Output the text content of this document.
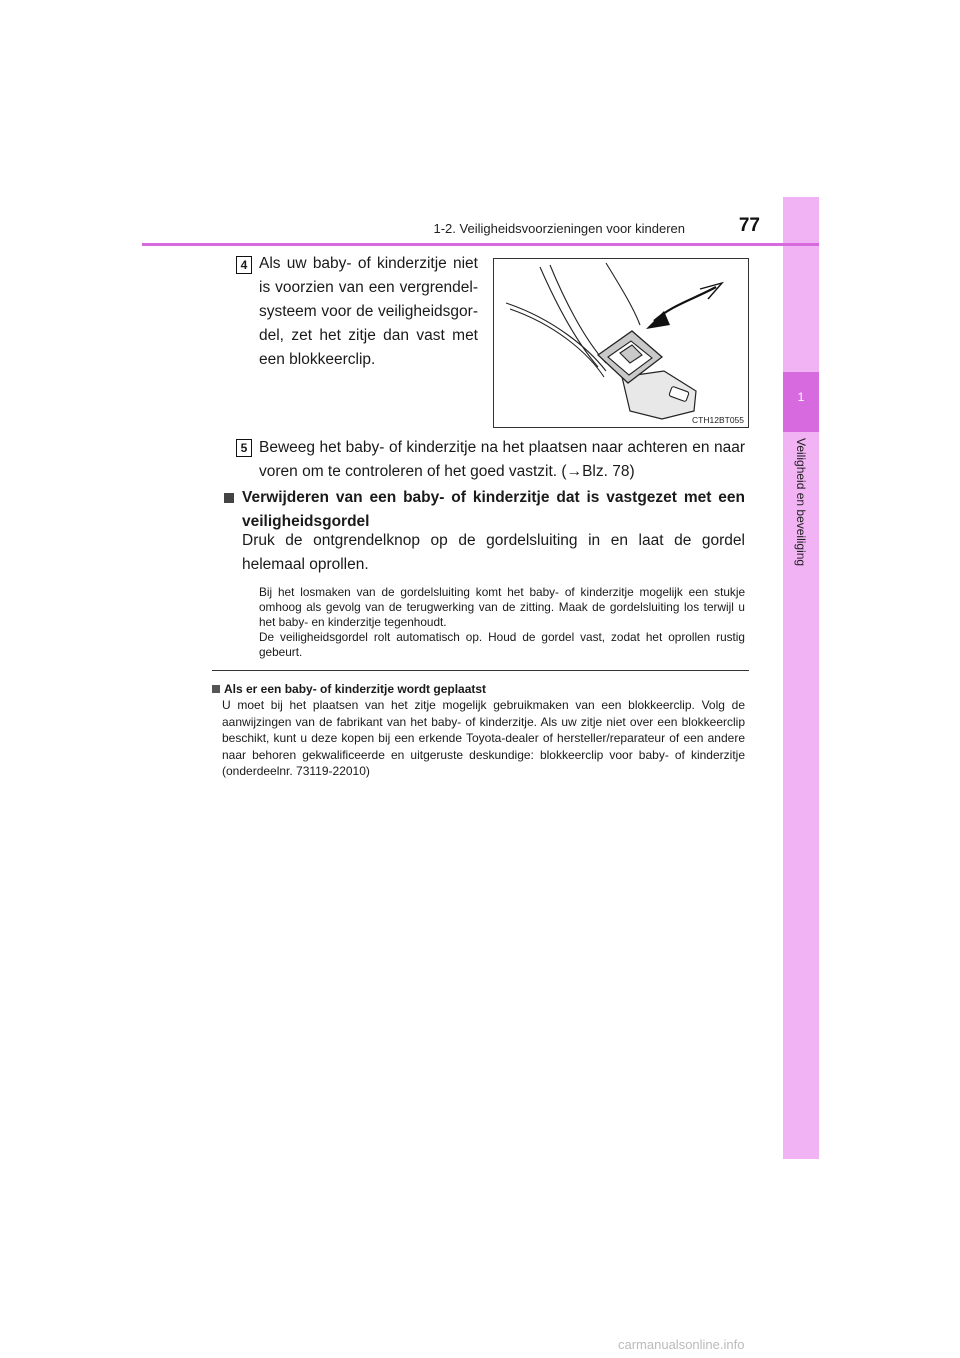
1
Veiligheid en beveiliging
1-2. Veiligheidsvoorzieningen voor kinderen	77
4 Als uw baby- of kinderzitje niet is voorzien van een vergrendelsysteem voor de veiligheidsgordel, zet het zitje dan vast met een blokkeerclip.
CTH12BT055
5 Beweeg het baby- of kinderzitje na het plaatsen naar achteren en naar voren om te controleren of het goed vastzit. (→Blz. 78)
Verwijderen van een baby- of kinderzitje dat is vastgezet met een veiligheidsgordel
Druk de ontgrendelknop op de gordelsluiting in en laat de gordel helemaal oprollen.
Bij het losmaken van de gordelsluiting komt het baby- of kinderzitje mogelijk een stukje omhoog als gevolg van de terugwerking van de zitting. Maak de gordelsluiting los terwijl u het baby- en kinderzitje tegenhoudt.
De veiligheidsgordel rolt automatisch op. Houd de gordel vast, zodat het oprollen rustig gebeurt.
Als er een baby- of kinderzitje wordt geplaatst
U moet bij het plaatsen van het zitje mogelijk gebruikmaken van een blokkeerclip. Volg de aanwijzingen van de fabrikant van het baby- of kinderzitje. Als uw zitje niet over een blokkeerclip beschikt, kunt u deze kopen bij een erkende Toyota-dealer of hersteller/reparateur of een andere naar behoren gekwalificeerde en uitgeruste deskundige: blokkeerclip voor baby- of kinderzitje (onderdeelnr. 73119-22010)
carmanualsonline.info
